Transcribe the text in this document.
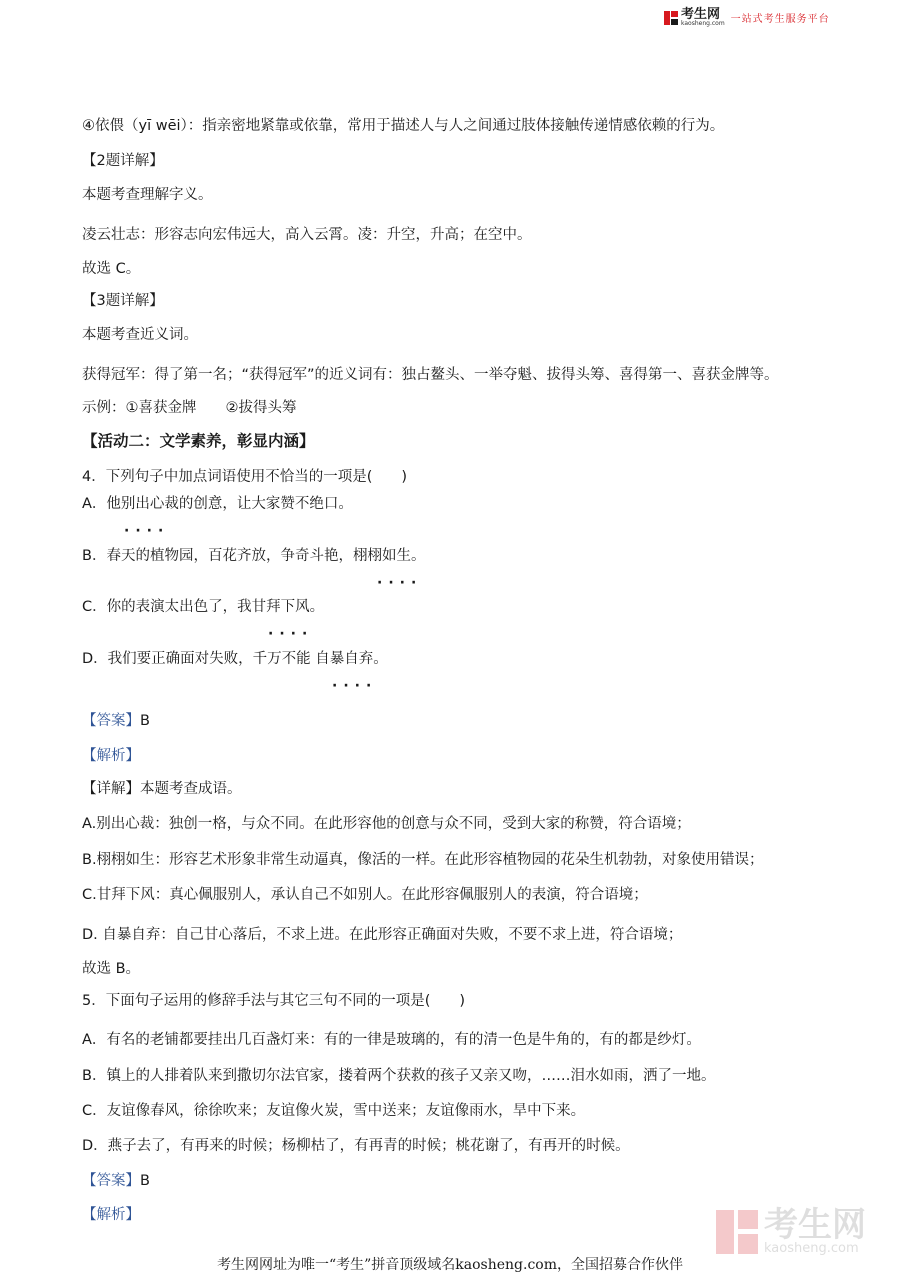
考生网
kaosheng.com 一站式考生服务平台
④依偎（yī wēi）：指亲密地紧靠或依靠，常用于描述人与人之间通过肢体接触传递情感依赖的行为。
【2题详解】
本题考查理解字义。
凌云壮志：形容志向宏伟远大，高入云霄。凌：升空，升高；在空中。
故选 C。
【3题详解】
本题考查近义词。
获得冠军：得了第一名；“获得冠军”的近义词有：独占鳌头、一举夺魁、拔得头筹、喜得第一、喜获金牌等。
示例：①喜获金牌　　②拔得头筹
【活动二：文学素养，彰显内涵】
4．下列句子中加点词语使用不恰当的一项是(　　)
A．他别出心裁的创意，让大家赞不绝口。
····
B．春天的植物园，百花齐放，争奇斗艳，栩栩如生。
····
C．你的表演太出色了，我甘拜下风。
····
D．我们要正确面对失败，千万不能 自暴自弃。
····
【答案】B
【解析】
【详解】本题考查成语。
A.别出心裁：独创一格，与众不同。在此形容他的创意与众不同，受到大家的称赞，符合语境；
B.栩栩如生：形容艺术形象非常生动逼真，像活的一样。在此形容植物园的花朵生机勃勃，对象使用错误；
C.甘拜下风：真心佩服别人，承认自己不如别人。在此形容佩服别人的表演，符合语境；
D. 自暴自弃：自己甘心落后，不求上进。在此形容正确面对失败，不要不求上进，符合语境；
故选 B。
5．下面句子运用的修辞手法与其它三句不同的一项是(　　)
A．有名的老铺都要挂出几百盏灯来：有的一律是玻璃的，有的清一色是牛角的，有的都是纱灯。
B．镇上的人排着队来到撒切尔法官家，搂着两个获救的孩子又亲又吻，……泪水如雨，洒了一地。
C．友谊像春风，徐徐吹来；友谊像火炭，雪中送来；友谊像雨水，旱中下来。
D．燕子去了，有再来的时候；杨柳枯了，有再青的时候；桃花谢了，有再开的时候。
【答案】B
【解析】	考生网
kaosheng.com
考生网网址为唯一“考生”拼音顶级域名kaosheng.com，全国招募合作伙伴
